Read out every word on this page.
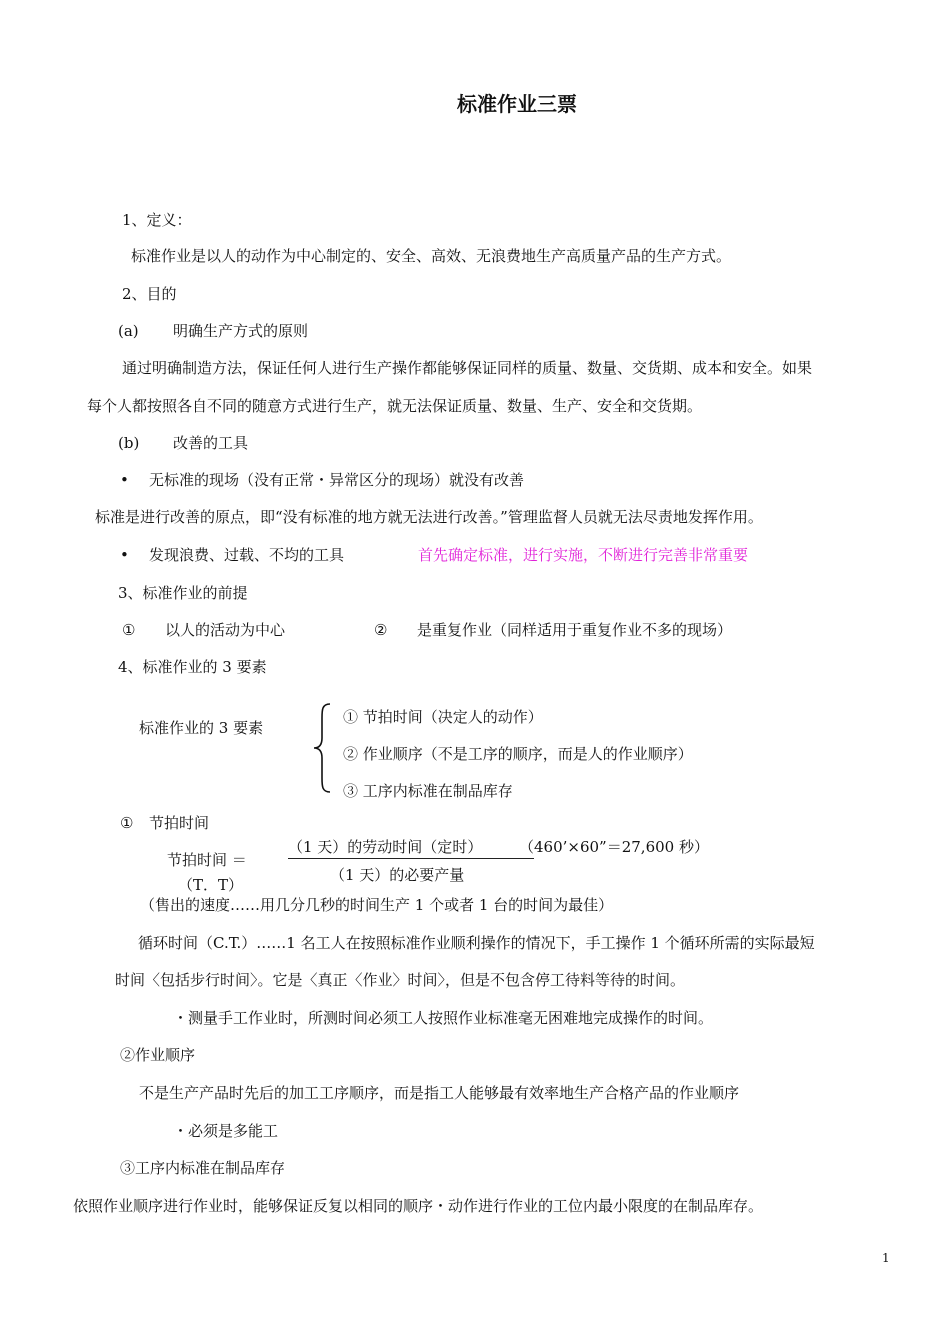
标准作业三票
1、定义：
标准作业是以人的动作为中心制定的、安全、高效、无浪费地生产高质量产品的生产方式。
2、目的
(a) 明确生产方式的原则
通过明确制造方法，保证任何人进行生产操作都能够保证同样的质量、数量、交货期、成本和安全。如果
每个人都按照各自不同的随意方式进行生产，就无法保证质量、数量、生产、安全和交货期。
(b) 改善的工具
• 无标准的现场（没有正常・异常区分的现场）就没有改善
标准是进行改善的原点，即“没有标准的地方就无法进行改善。”管理监督人员就无法尽责地发挥作用。
• 发现浪费、过载、不均的工具	首先确定标准，进行实施，不断进行完善非常重要
3、标准作业的前提
① 以人的活动为中心	② 是重复作业（同样适用于重复作业不多的现场）
4、标准作业的 3 要素
标准作业的 3 要素
① 节拍时间（决定人的动作）
② 作业顺序（不是工序的顺序，而是人的作业顺序）
③ 工序内标准在制品库存
① 节拍时间
节拍时间 ＝
（T．T）
（1 天）的劳动时间（定时） （460’×60”＝27,600 秒）
（1 天）的必要产量
（售出的速度……用几分几秒的时间生产 1 个或者 1 台的时间为最佳）
循环时间（C.T.）……1 名工人在按照标准作业顺利操作的情况下，手工操作 1 个循环所需的实际最短
时间〈包括步行时间〉。它是〈真正〈作业〉时间〉，但是不包含停工待料等待的时间。
・测量手工作业时，所测时间必须工人按照作业标准毫无困难地完成操作的时间。
②作业顺序
不是生产产品时先后的加工工序顺序，而是指工人能够最有效率地生产合格产品的作业顺序
・必须是多能工
③工序内标准在制品库存
依照作业顺序进行作业时，能够保证反复以相同的顺序・动作进行作业的工位内最小限度的在制品库存。
1
